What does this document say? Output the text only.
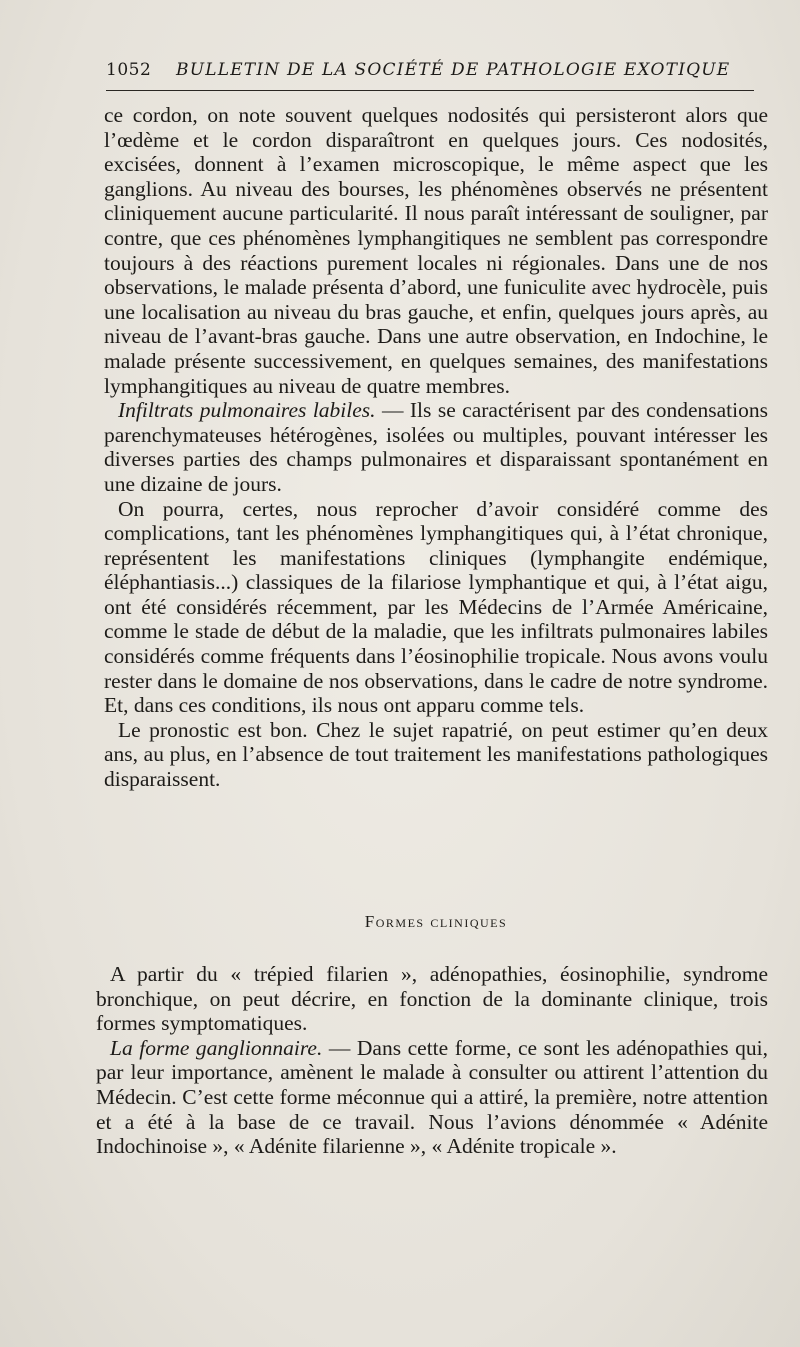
1052 BULLETIN DE LA SOCIÉTÉ DE PATHOLOGIE EXOTIQUE

ce cordon, on note souvent quelques nodosités qui persisteront alors que l’œdème et le cordon disparaîtront en quelques jours. Ces nodosités, excisées, donnent à l’examen microscopique, le même aspect que les ganglions. Au niveau des bourses, les phénomènes observés ne présentent cliniquement aucune particularité. Il nous paraît intéressant de souligner, par contre, que ces phénomènes lymphangitiques ne semblent pas correspondre toujours à des réactions purement locales ni régionales. Dans une de nos observations, le malade présenta d’abord, une funiculite avec hydrocèle, puis une localisation au niveau du bras gauche, et enfin, quelques jours après, au niveau de l’avant-bras gauche. Dans une autre observation, en Indochine, le malade présente successivement, en quelques semaines, des manifestations lymphangitiques au niveau de quatre membres.

Infiltrats pulmonaires labiles. — Ils se caractérisent par des condensations parenchymateuses hétérogènes, isolées ou multiples, pouvant intéresser les diverses parties des champs pulmonaires et disparaissant spontanément en une dizaine de jours.

On pourra, certes, nous reprocher d’avoir considéré comme des complications, tant les phénomènes lymphangitiques qui, à l’état chronique, représentent les manifestations cliniques (lymphangite endémique, éléphantiasis...) classiques de la filariose lymphantique et qui, à l’état aigu, ont été considérés récemment, par les Médecins de l’Armée Américaine, comme le stade de début de la maladie, que les infiltrats pulmonaires labiles considérés comme fréquents dans l’éosinophilie tropicale. Nous avons voulu rester dans le domaine de nos observations, dans le cadre de notre syndrome. Et, dans ces conditions, ils nous ont apparu comme tels.

Le pronostic est bon. Chez le sujet rapatrié, on peut estimer qu’en deux ans, au plus, en l’absence de tout traitement les manifestations pathologiques disparaissent.

Formes cliniques

A partir du « trépied filarien », adénopathies, éosinophilie, syndrome bronchique, on peut décrire, en fonction de la dominante clinique, trois formes symptomatiques.

La forme ganglionnaire. — Dans cette forme, ce sont les adénopathies qui, par leur importance, amènent le malade à consulter ou attirent l’attention du Médecin. C’est cette forme méconnue qui a attiré, la première, notre attention et a été à la base de ce travail. Nous l’avions dénommée « Adénite Indochinoise », « Adénite filarienne », « Adénite tropicale ».
